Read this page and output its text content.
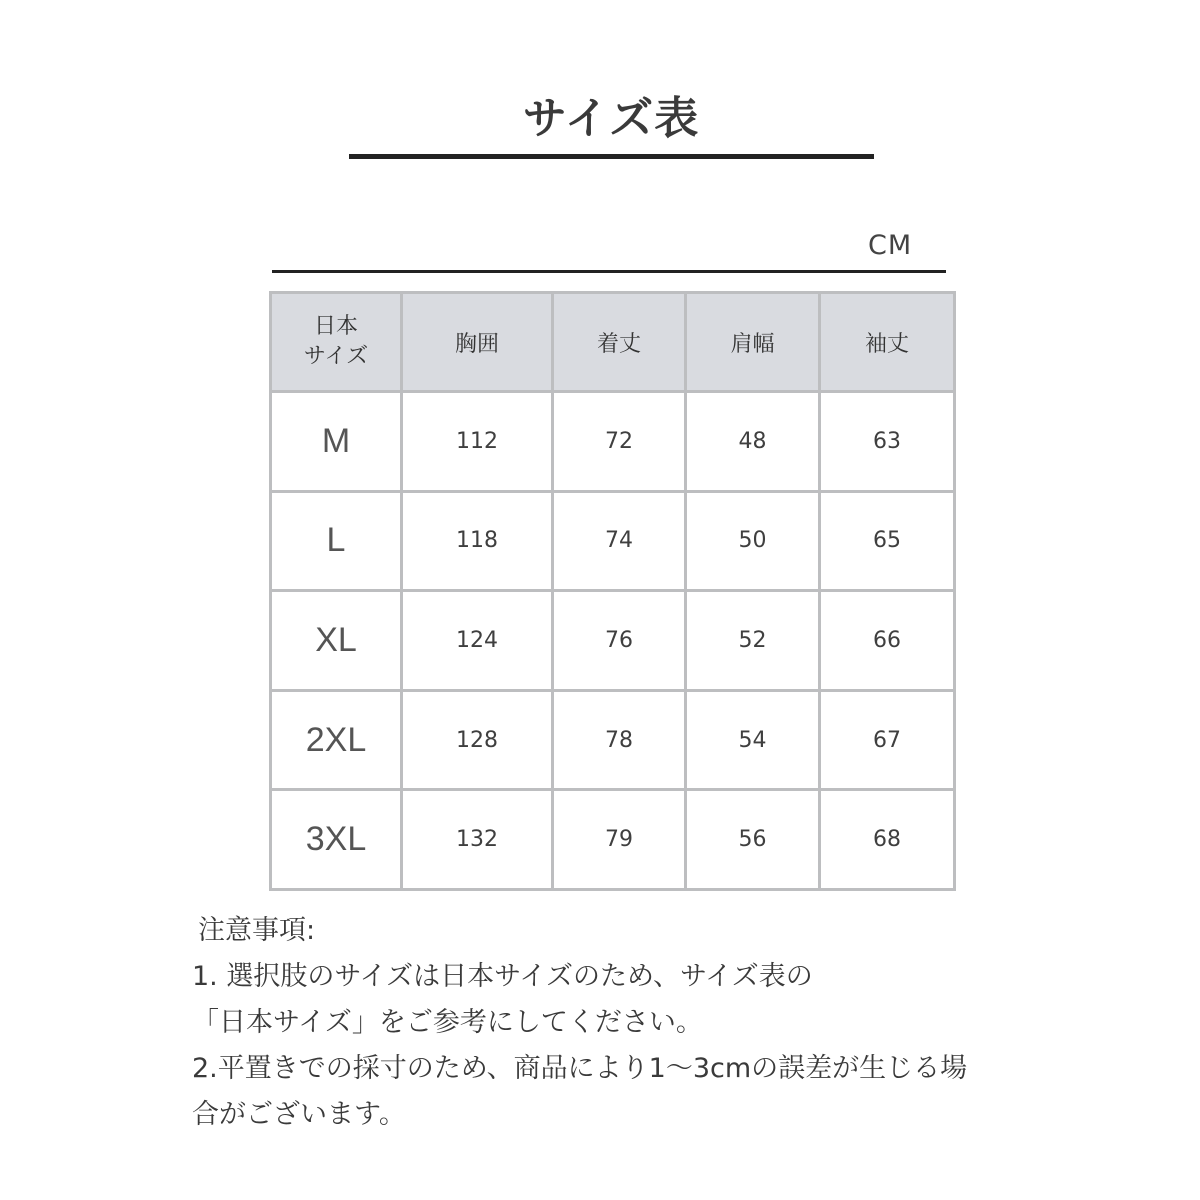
サイズ表
CM
日本
サイズ	胸囲	着丈	肩幅	袖丈
M	112	72	48	63
L	118	74	50	65
XL	124	76	52	66
2XL	128	78	54	67
3XL	132	79	56	68
注意事項:
1. 選択肢のサイズは日本サイズのため、サイズ表の
「日本サイズ」をご参考にしてください。
2.平置きでの採寸のため、商品により1～3cmの誤差が生じる場
合がございます。
